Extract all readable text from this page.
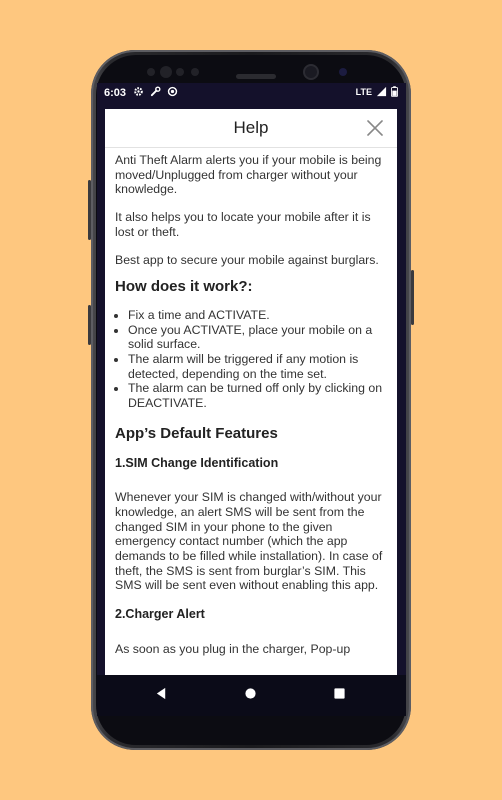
6:03	LTE
Help

Anti Theft Alarm alerts you if your mobile is being moved/Unplugged from charger without your knowledge.

It also helps you to locate your mobile after it is lost or theft.

Best app to secure your mobile against burglars.

How does it work?:
• Fix a time and ACTIVATE.
• Once you ACTIVATE, place your mobile on a solid surface.
• The alarm will be triggered if any motion is detected, depending on the time set.
• The alarm can be turned off only by clicking on DEACTIVATE.
App’s Default Features
1.SIM Change Identification

Whenever your SIM is changed with/without your knowledge, an alert SMS will be sent from the changed SIM in your phone to the given emergency contact number (which the app demands to be filled while installation). In case of theft, the SMS is sent from burglar’s SIM. This SMS will be sent even without enabling this app.

2.Charger Alert

As soon as you plug in the charger, Pop-up
